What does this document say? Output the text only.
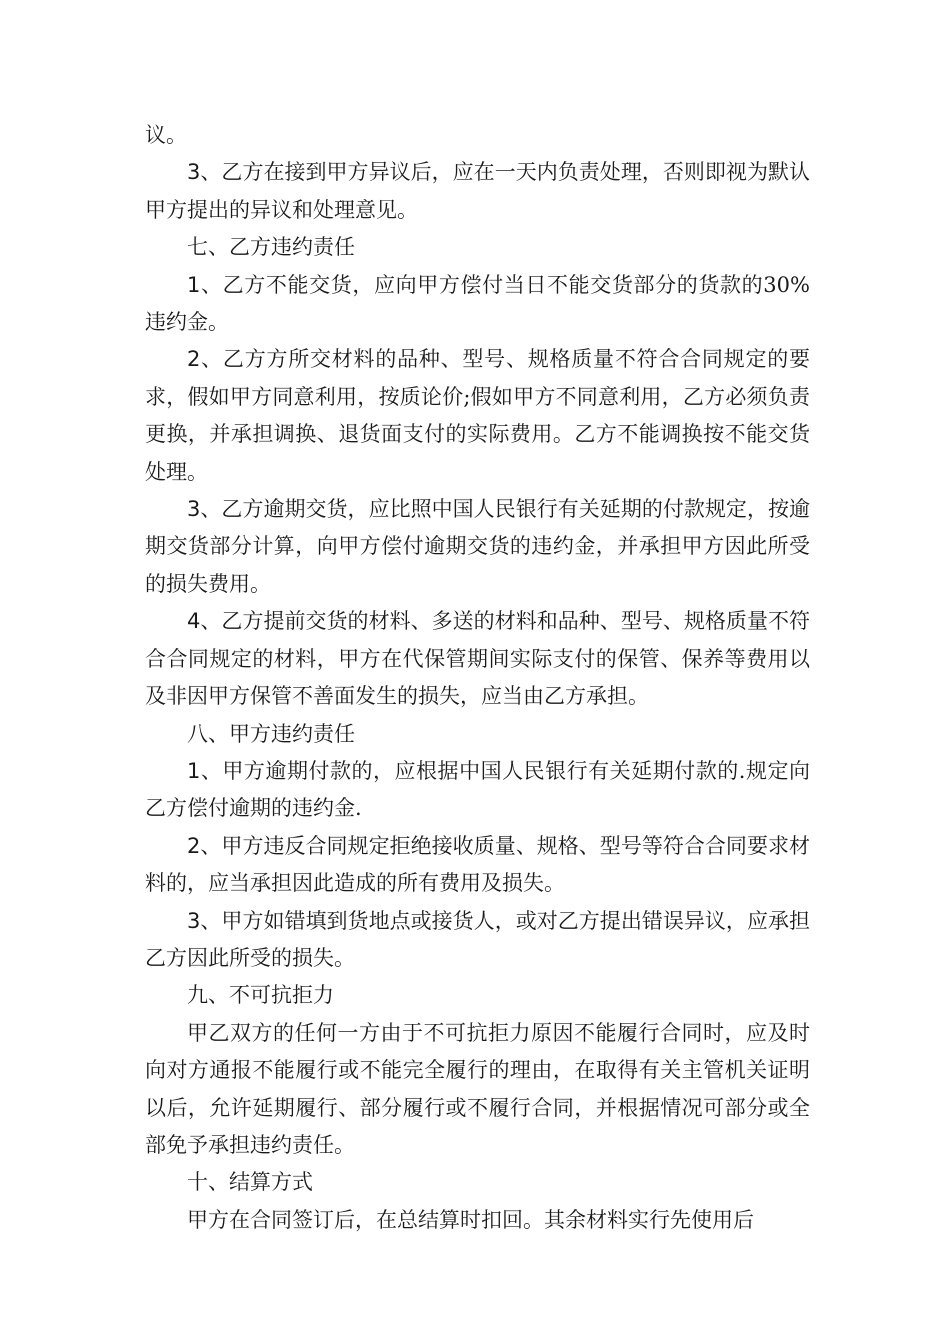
议。

3、乙方在接到甲方异议后，应在一天内负责处理，否则即视为默认甲方提出的异议和处理意见。

七、乙方违约责任

1、乙方不能交货，应向甲方偿付当日不能交货部分的货款的30%违约金。

2、乙方方所交材料的品种、型号、规格质量不符合合同规定的要求，假如甲方同意利用，按质论价;假如甲方不同意利用，乙方必须负责更换，并承担调换、退货面支付的实际费用。乙方不能调换按不能交货处理。

3、乙方逾期交货，应比照中国人民银行有关延期的付款规定，按逾期交货部分计算，向甲方偿付逾期交货的违约金，并承担甲方因此所受的损失费用。

4、乙方提前交货的材料、多送的材料和品种、型号、规格质量不符合合同规定的材料，甲方在代保管期间实际支付的保管、保养等费用以及非因甲方保管不善面发生的损失，应当由乙方承担。

八、甲方违约责任

1、甲方逾期付款的，应根据中国人民银行有关延期付款的.规定向乙方偿付逾期的违约金.

2、甲方违反合同规定拒绝接收质量、规格、型号等符合合同要求材料的，应当承担因此造成的所有费用及损失。

3、甲方如错填到货地点或接货人，或对乙方提出错误异议，应承担乙方因此所受的损失。

九、不可抗拒力

甲乙双方的任何一方由于不可抗拒力原因不能履行合同时，应及时向对方通报不能履行或不能完全履行的理由，在取得有关主管机关证明以后，允许延期履行、部分履行或不履行合同，并根据情况可部分或全部免予承担违约责任。

十、结算方式

甲方在合同签订后，在总结算时扣回。其余材料实行先使用后
